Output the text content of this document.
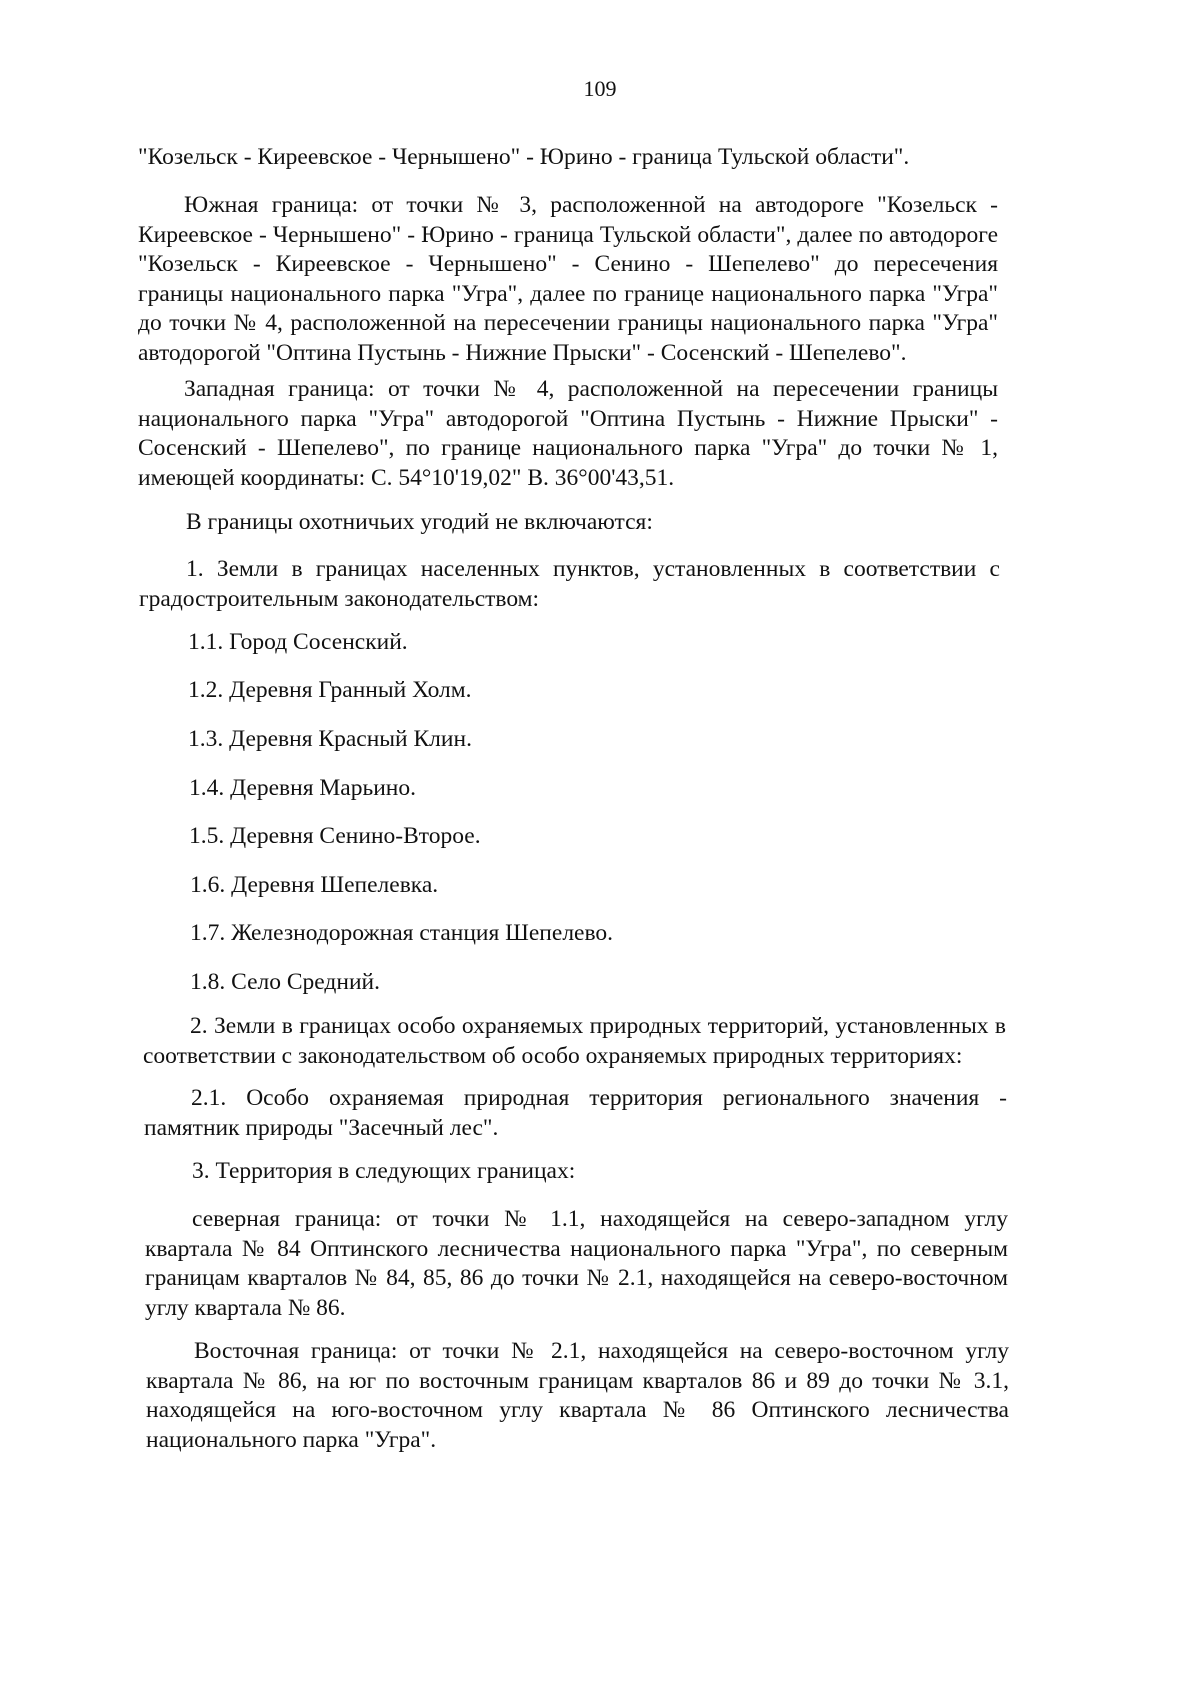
109

"Козельск - Киреевское - Чернышено" - Юрино - граница Тульской области".

Южная граница: от точки № 3, расположенной на автодороге "Козельск - Киреевское - Чернышено" - Юрино - граница Тульской области", далее по автодороге "Козельск - Киреевское - Чернышено" - Сенино - Шепелево" до пересечения границы национального парка "Угра", далее по границе национального парка "Угра" до точки № 4, расположенной на пересечении границы национального парка "Угра" автодорогой "Оптина Пустынь - Нижние Прыски" - Сосенский - Шепелево".

Западная граница: от точки № 4, расположенной на пересечении границы национального парка "Угра" автодорогой "Оптина Пустынь - Нижние Прыски" - Сосенский - Шепелево", по границе национального парка "Угра" до точки № 1, имеющей координаты: С. 54°10'19,02" В. 36°00'43,51.

В границы охотничьих угодий не включаются:

1. Земли в границах населенных пунктов, установленных в соответствии с градостроительным законодательством:

1.1. Город Сосенский.

1.2. Деревня Гранный Холм.

1.3. Деревня Красный Клин.

1.4. Деревня Марьино.

1.5. Деревня Сенино-Второе.

1.6. Деревня Шепелевка.

1.7. Железнодорожная станция Шепелево.

1.8. Село Средний.

2. Земли в границах особо охраняемых природных территорий, установленных в соответствии с законодательством об особо охраняемых природных территориях:

2.1. Особо охраняемая природная территория регионального значения - памятник природы "Засечный лес".

3. Территория в следующих границах:

северная граница: от точки № 1.1, находящейся на северо-западном углу квартала № 84 Оптинского лесничества национального парка "Угра", по северным границам кварталов № 84, 85, 86 до точки № 2.1, находящейся на северо-восточном углу квартала № 86.

Восточная граница: от точки № 2.1, находящейся на северо-восточном углу квартала № 86, на юг по восточным границам кварталов 86 и 89 до точки № 3.1, находящейся на юго-восточном углу квартала № 86 Оптинского лесничества национального парка "Угра".
